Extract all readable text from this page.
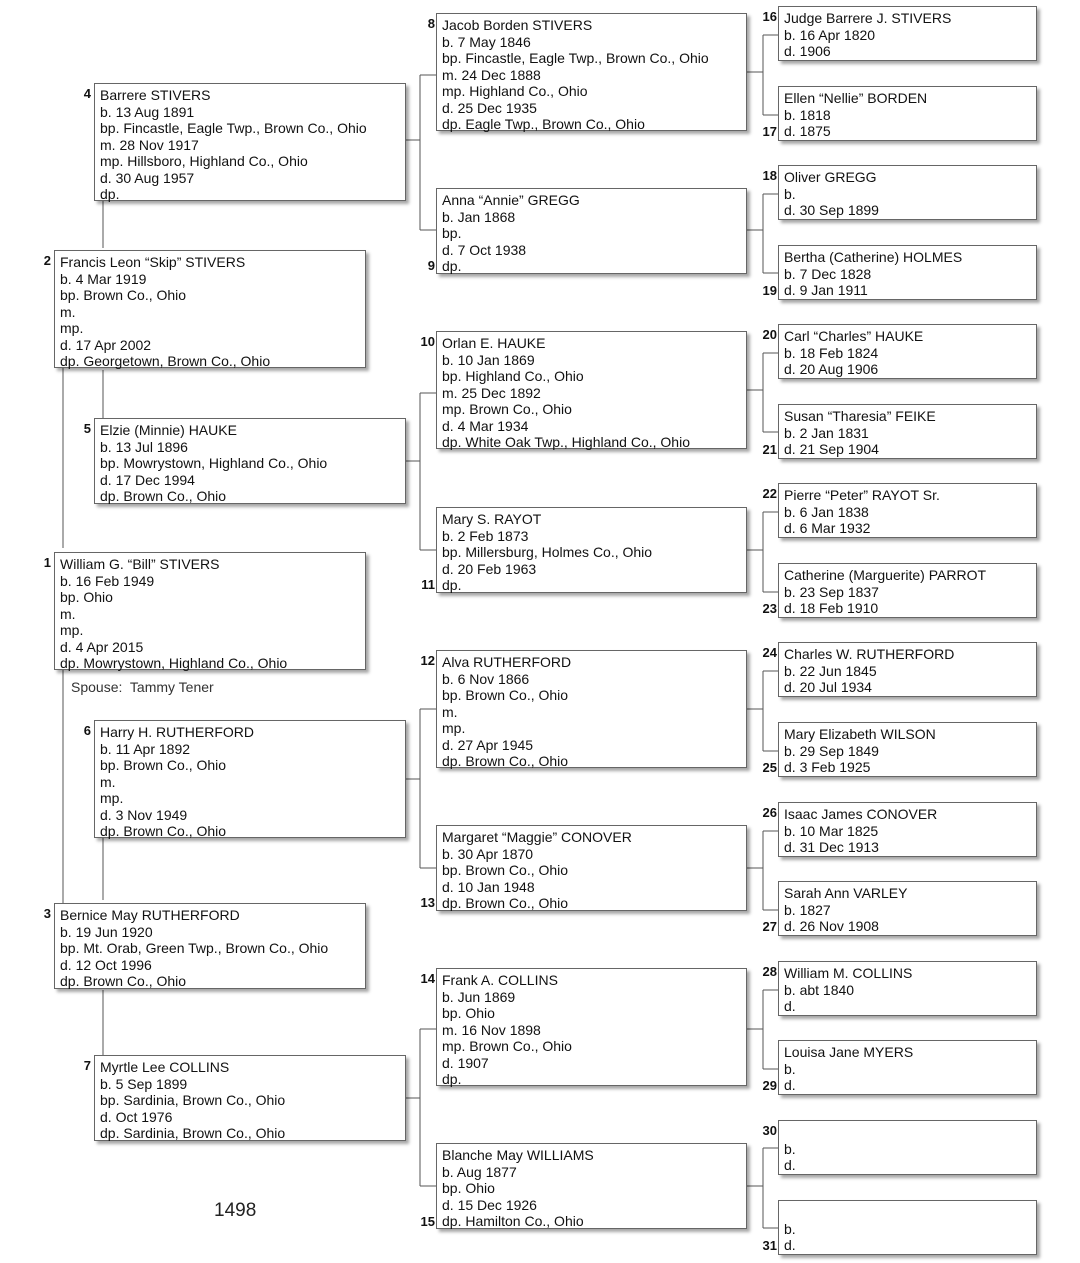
1 William G. “Bill” STIVERS
b. 16 Feb 1949
bp. Ohio
m.
mp.
d. 4 Apr 2015
dp. Mowrystown, Highland Co., Ohio
Spouse: Tammy Tener
2 Francis Leon “Skip” STIVERS
b. 4 Mar 1919
bp. Brown Co., Ohio
m.
mp.
d. 17 Apr 2002
dp. Georgetown, Brown Co., Ohio
3 Bernice May RUTHERFORD
b. 19 Jun 1920
bp. Mt. Orab, Green Twp., Brown Co., Ohio
d. 12 Oct 1996
dp. Brown Co., Ohio
4 Barrere STIVERS
b. 13 Aug 1891
bp. Fincastle, Eagle Twp., Brown Co., Ohio
m. 28 Nov 1917
mp. Hillsboro, Highland Co., Ohio
d. 30 Aug 1957
dp.
5 Elzie (Minnie) HAUKE
b. 13 Jul 1896
bp. Mowrystown, Highland Co., Ohio
d. 17 Dec 1994
dp. Brown Co., Ohio
6 Harry H. RUTHERFORD
b. 11 Apr 1892
bp. Brown Co., Ohio
m.
mp.
d. 3 Nov 1949
dp. Brown Co., Ohio
7 Myrtle Lee COLLINS
b. 5 Sep 1899
bp. Sardinia, Brown Co., Ohio
d. Oct 1976
dp. Sardinia, Brown Co., Ohio
8 Jacob Borden STIVERS
b. 7 May 1846
bp. Fincastle, Eagle Twp., Brown Co., Ohio
m. 24 Dec 1888
mp. Highland Co., Ohio
d. 25 Dec 1935
dp. Eagle Twp., Brown Co., Ohio
9
Anna “Annie” GREGG
b. Jan 1868
bp.
d. 7 Oct 1938
dp.
10 Orlan E. HAUKE
b. 10 Jan 1869
bp. Highland Co., Ohio
m. 25 Dec 1892
mp. Brown Co., Ohio
d. 4 Mar 1934
dp. White Oak Twp., Highland Co., Ohio
11
Mary S. RAYOT
b. 2 Feb 1873
bp. Millersburg, Holmes Co., Ohio
d. 20 Feb 1963
dp.
12 Alva RUTHERFORD
b. 6 Nov 1866
bp. Brown Co., Ohio
m.
mp.
d. 27 Apr 1945
dp. Brown Co., Ohio
13
Margaret “Maggie” CONOVER
b. 30 Apr 1870
bp. Brown Co., Ohio
d. 10 Jan 1948
dp. Brown Co., Ohio
14 Frank A. COLLINS
b. Jun 1869
bp. Ohio
m. 16 Nov 1898
mp. Brown Co., Ohio
d. 1907
dp.
15
Blanche May WILLIAMS
b. Aug 1877
bp. Ohio
d. 15 Dec 1926
dp. Hamilton Co., Ohio
16 Judge Barrere J. STIVERS
b. 16 Apr 1820
d. 1906
17
Ellen “Nellie” BORDEN
b. 1818
d. 1875
18 Oliver GREGG
b.
d. 30 Sep 1899
19
Bertha (Catherine) HOLMES
b. 7 Dec 1828
d. 9 Jan 1911
20 Carl “Charles” HAUKE
b. 18 Feb 1824
d. 20 Aug 1906
21
Susan “Tharesia” FEIKE
b. 2 Jan 1831
d. 21 Sep 1904
22 Pierre “Peter” RAYOT Sr.
b. 6 Jan 1838
d. 6 Mar 1932
23
Catherine (Marguerite) PARROT
b. 23 Sep 1837
d. 18 Feb 1910
24 Charles W. RUTHERFORD
b. 22 Jun 1845
d. 20 Jul 1934
25
Mary Elizabeth WILSON
b. 29 Sep 1849
d. 3 Feb 1925
26 Isaac James CONOVER
b. 10 Mar 1825
d. 31 Dec 1913
27
Sarah Ann VARLEY
b. 1827
d. 26 Nov 1908
28 William M. COLLINS
b. abt 1840
d.
29
Louisa Jane MYERS
b.
d.
30

b.
d.
31

b.
d.
1498
